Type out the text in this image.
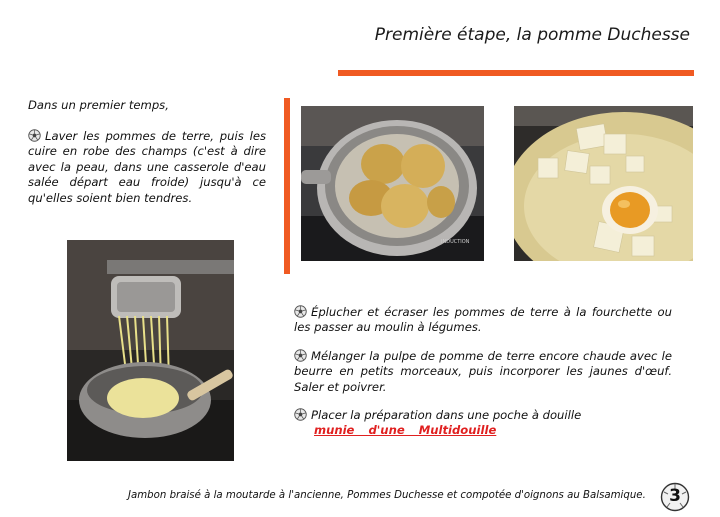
Première étape, la pomme Duchesse
Dans un premier temps,
Laver les pommes de terre, puis les cuire en robe des champs (c'est à dire avec la peau, dans une casserole d'eau salée départ eau froide) jusqu'à ce qu'elles soient bien tendres.
INDUCTION

Éplucher et écraser les pommes de terre à la fourchette ou les passer au moulin à légumes.

Mélanger la pulpe de pomme de terre encore chaude avec le beurre en petits morceaux, puis incorporer les jaunes d'œuf. Saler et poivrer.

Placer la préparation dans une poche à douille
munie d'une Multidouille

Jambon braisé à la moutarde à l'ancienne, Pommes Duchesse et compotée d'oignons au Balsamique.	3
